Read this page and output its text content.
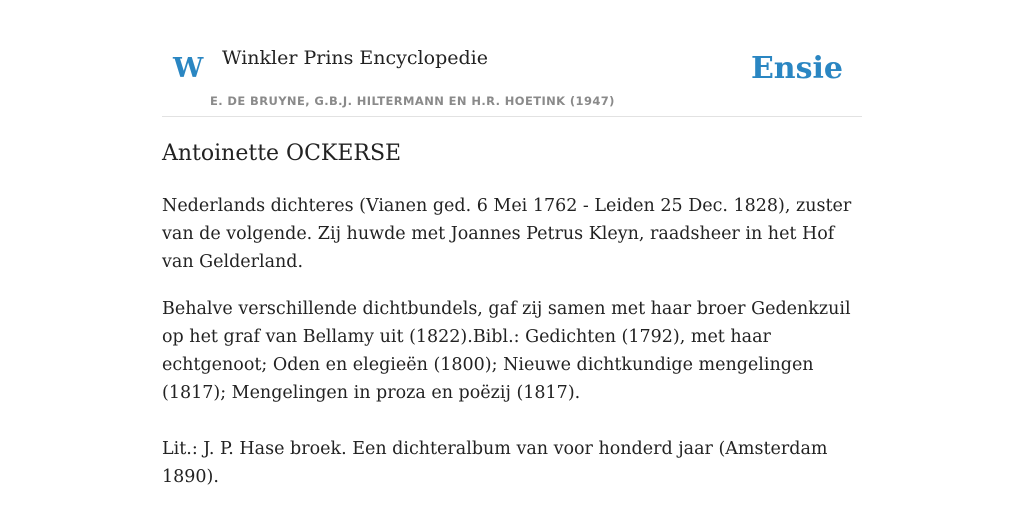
W Winkler Prins Encyclopedie
E. DE BRUYNE, G.B.J. HILTERMANN EN H.R. HOETINK (1947)
Ensie
Antoinette OCKERSE

Nederlands dichteres (Vianen ged. 6 Mei 1762 - Leiden 25 Dec. 1828), zuster van de volgende. Zij huwde met Joannes Petrus Kleyn, raadsheer in het Hof van Gelderland.

Behalve verschillende dichtbundels, gaf zij samen met haar broer Gedenkzuil op het graf van Bellamy uit (1822).Bibl.: Gedichten (1792), met haar echtgenoot; Oden en elegieën (1800); Nieuwe dichtkundige mengelingen (1817); Mengelingen in proza en poëzij (1817).

Lit.: J. P. Hase broek. Een dichteralbum van voor honderd jaar (Amsterdam 1890).
